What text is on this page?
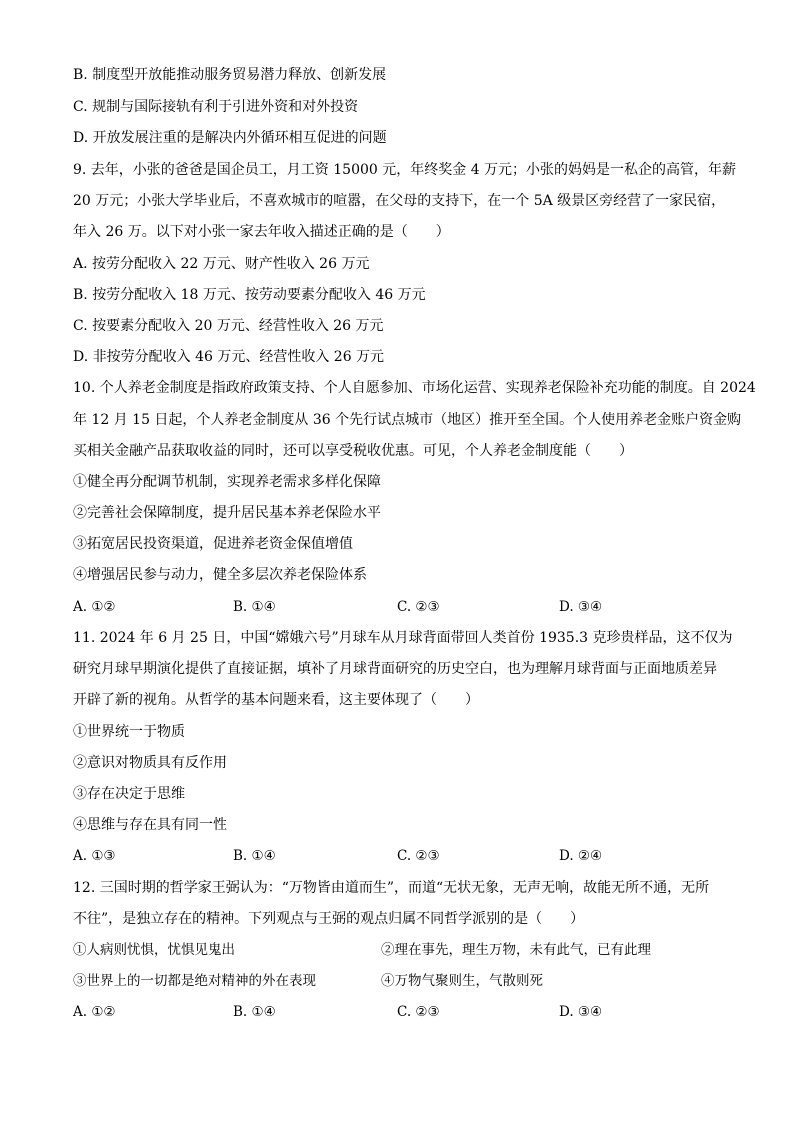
B. 制度型开放能推动服务贸易潜力释放、创新发展
C. 规制与国际接轨有利于引进外资和对外投资
D. 开放发展注重的是解决内外循环相互促进的问题
9. 去年，小张的爸爸是国企员工，月工资 15000 元，年终奖金 4 万元；小张的妈妈是一私企的高管，年薪
20 万元；小张大学毕业后，不喜欢城市的喧嚣，在父母的支持下，在一个 5A 级景区旁经营了一家民宿，
年入 26 万。以下对小张一家去年收入描述正确的是（　　）
A. 按劳分配收入 22 万元、财产性收入 26 万元
B. 按劳分配收入 18 万元、按劳动要素分配收入 46 万元
C. 按要素分配收入 20 万元、经营性收入 26 万元
D. 非按劳分配收入 46 万元、经营性收入 26 万元
10. 个人养老金制度是指政府政策支持、个人自愿参加、市场化运营、实现养老保险补充功能的制度。自 2024
年 12 月 15 日起，个人养老金制度从 36 个先行试点城市（地区）推开至全国。个人使用养老金账户资金购
买相关金融产品获取收益的同时，还可以享受税收优惠。可见，个人养老金制度能（　　）
①健全再分配调节机制，实现养老需求多样化保障
②完善社会保障制度，提升居民基本养老保险水平
③拓宽居民投资渠道，促进养老资金保值增值
④增强居民参与动力，健全多层次养老保险体系
A. ①②	B. ①④	C. ②③	D. ③④
11. 2024 年 6 月 25 日，中国“嫦娥六号”月球车从月球背面带回人类首份 1935.3 克珍贵样品，这不仅为
研究月球早期演化提供了直接证据，填补了月球背面研究的历史空白，也为理解月球背面与正面地质差异
开辟了新的视角。从哲学的基本问题来看，这主要体现了（　　）
①世界统一于物质
②意识对物质具有反作用
③存在决定于思维
④思维与存在具有同一性
A. ①③	B. ①④	C. ②③	D. ②④
12. 三国时期的哲学家王弼认为：“万物皆由道而生”，而道“无状无象，无声无响，故能无所不通，无所
不往”，是独立存在的精神。下列观点与王弼的观点归属不同哲学派别的是（　　）
①人病则忧惧，忧惧见鬼出	②理在事先，理生万物，未有此气，已有此理
③世界上的一切都是绝对精神的外在表现	④万物气聚则生，气散则死
A. ①②	B. ①④	C. ②③	D. ③④
